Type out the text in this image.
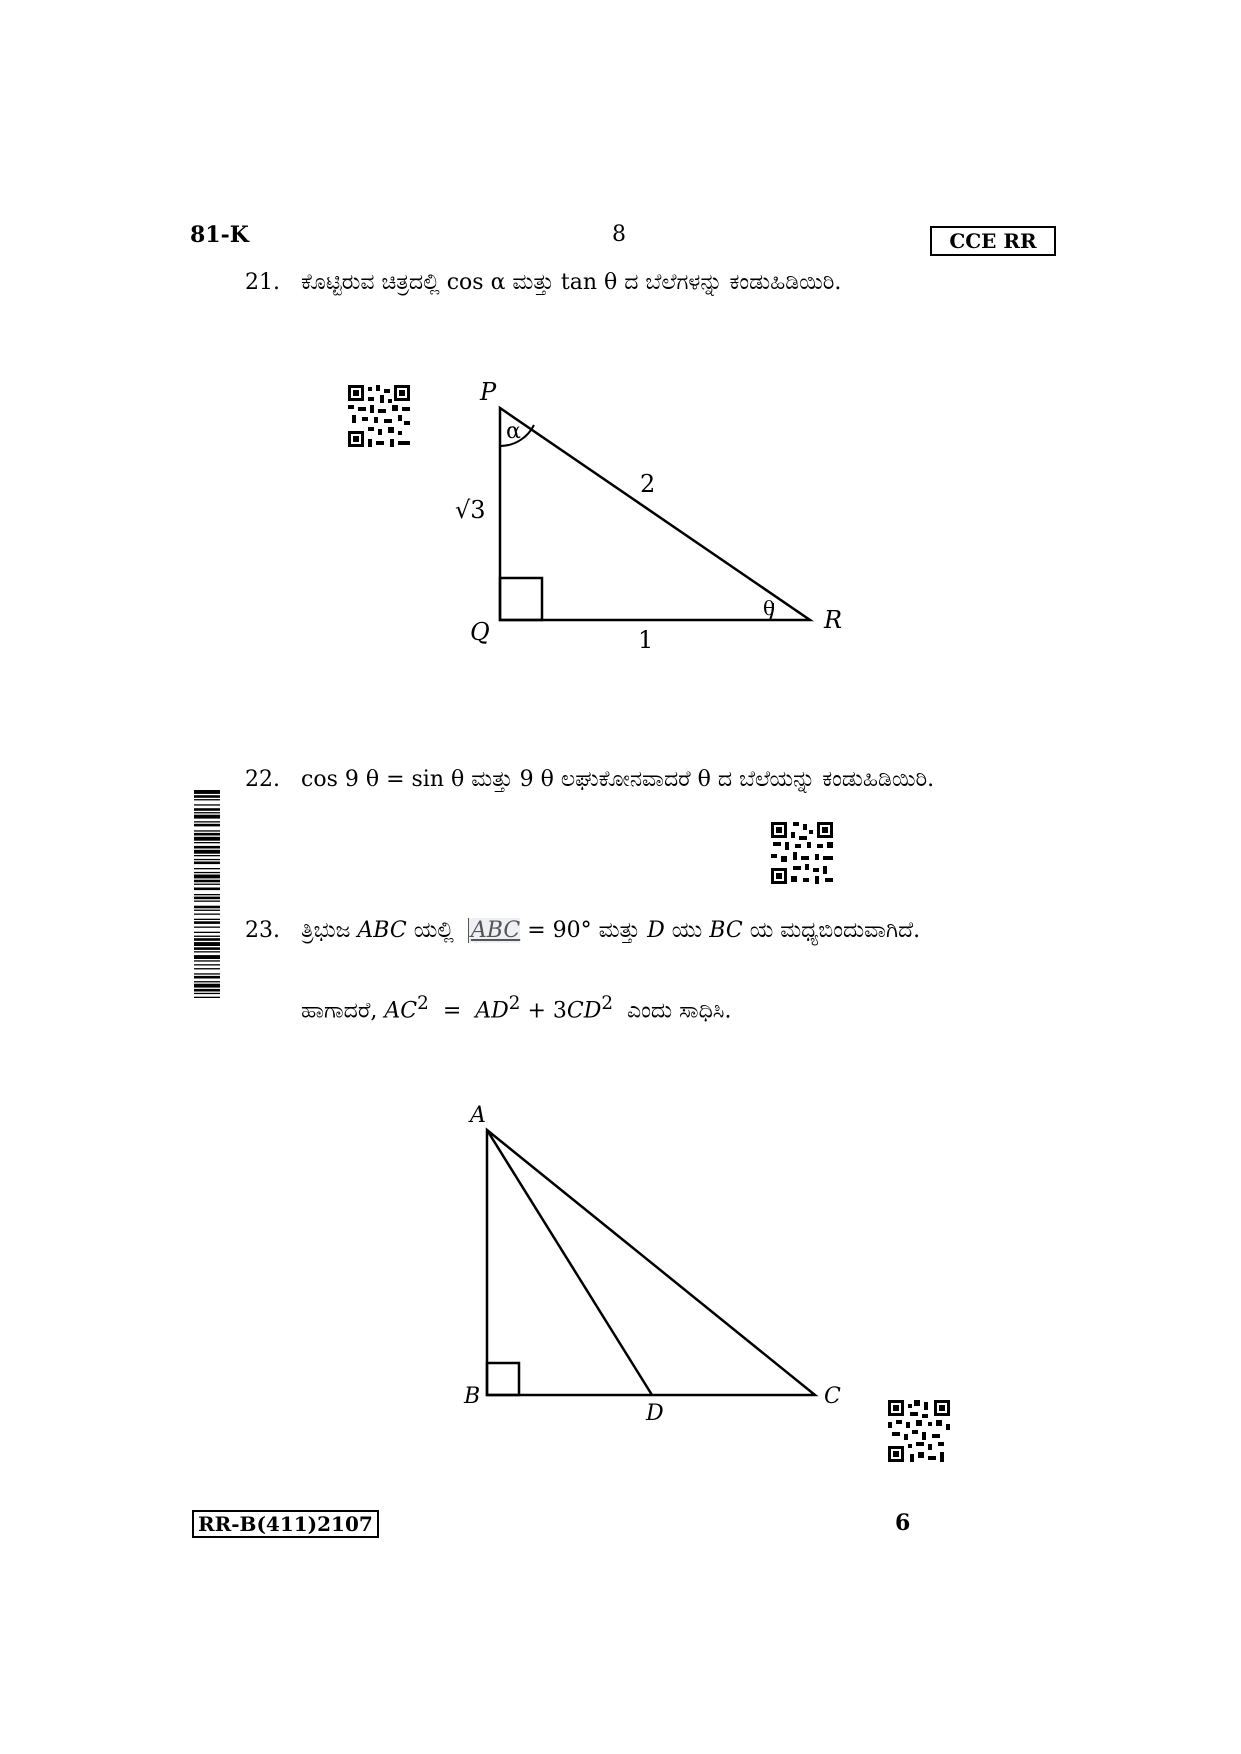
81-K	8	CCE RR
21. ಕೊಟ್ಟಿರುವ ಚಿತ್ರದಲ್ಲಿ cos α ಮತ್ತು tan θ ದ ಬೆಲೆಗಳನ್ನು ಕಂಡುಹಿಡಿಯಿರಿ.
P
Q	R
√3
2
1
α
θ
22. cos 9 θ = sin θ ಮತ್ತು 9 θ ಲಘುಕೋನವಾದರೆ θ ದ ಬೆಲೆಯನ್ನು ಕಂಡುಹಿಡಿಯಿರಿ.
23. ತ್ರಿಭುಜ ABC ಯಲ್ಲಿ ABC = 90° ಮತ್ತು D ಯು BC ಯ ಮಧ್ಯಬಿಂದುವಾಗಿದೆ.
ಹಾಗಾದರೆ, $AC^2 = AD^2 + 3CD^2$ ಎಂದು ಸಾಧಿಸಿ.
A
B	C
D
RR-B(411)2107	6
